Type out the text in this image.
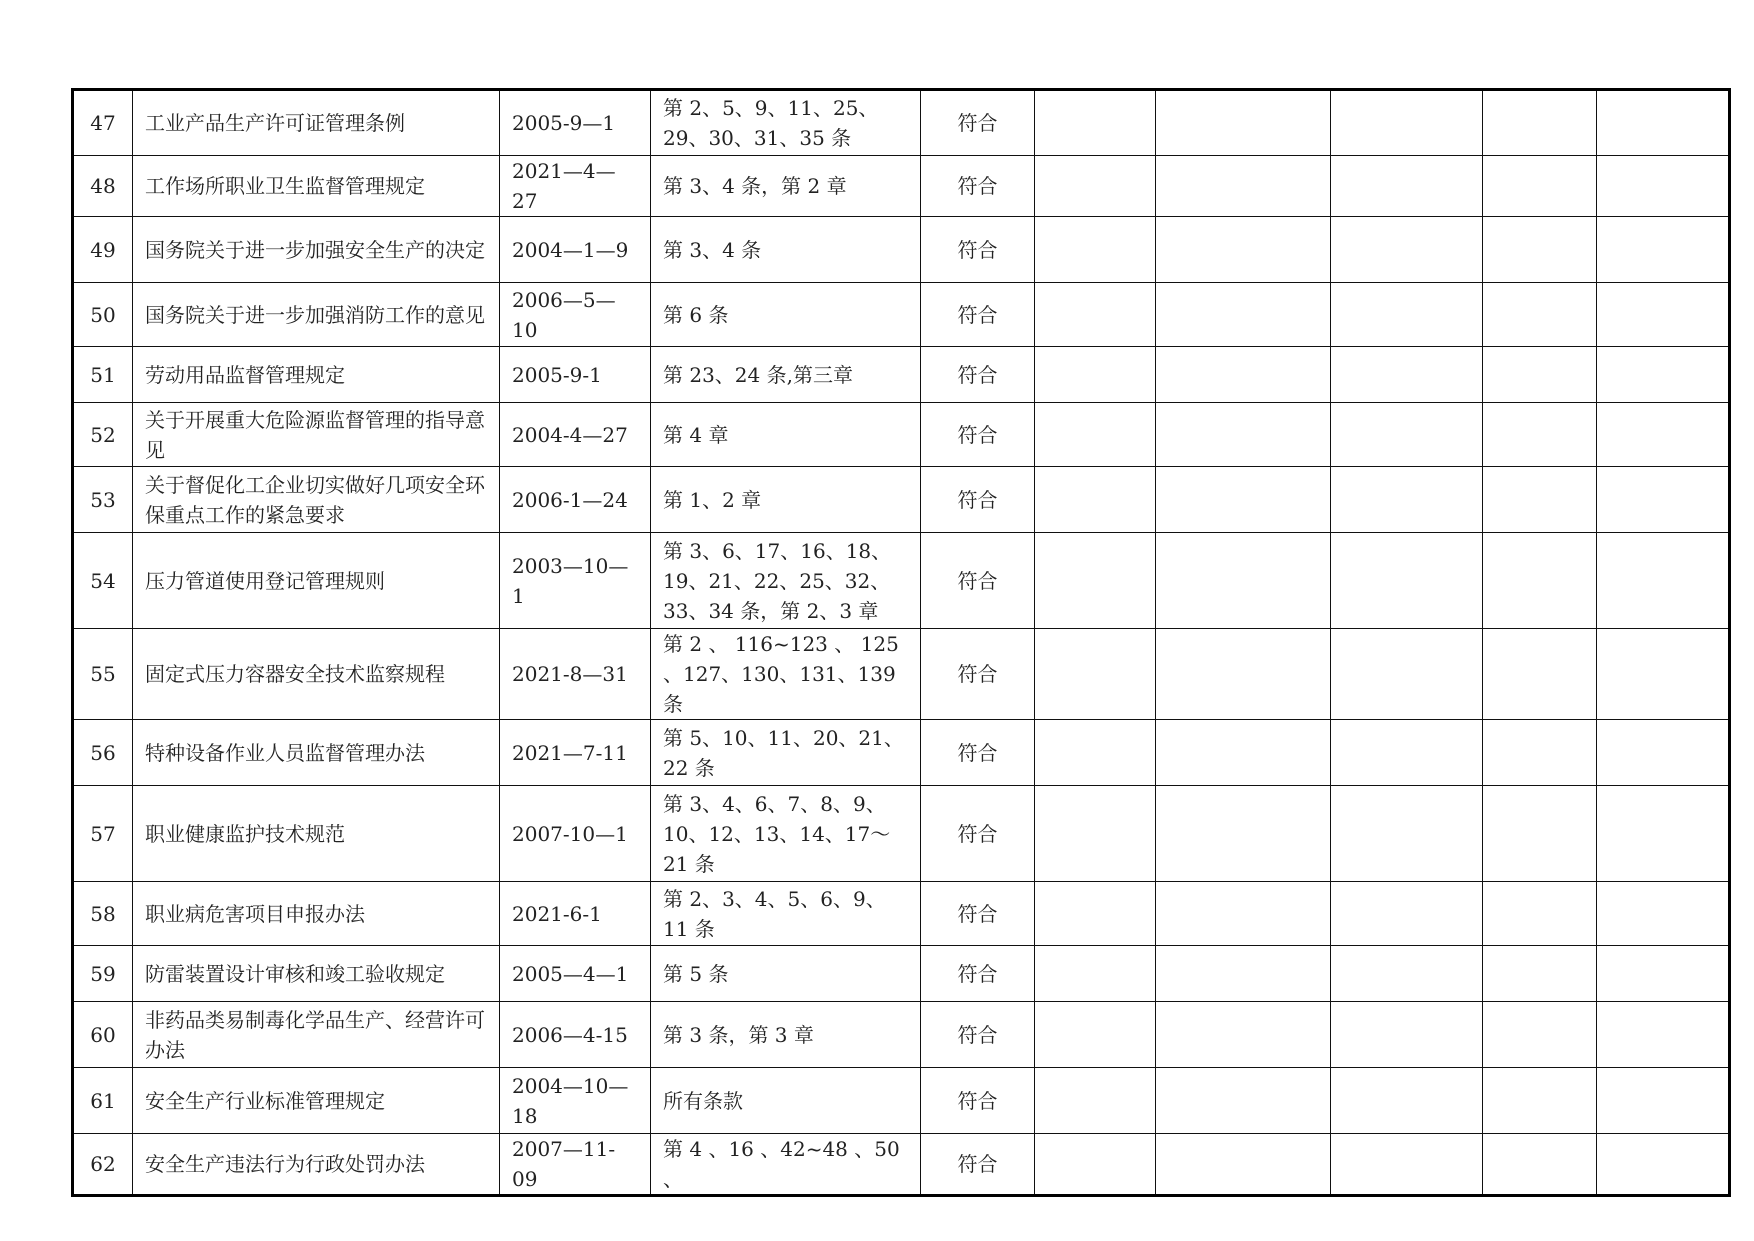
47	工业产品生产许可证管理条例	2005-9—1	第 2、5、9、11、25、29、30、31、35 条	符合					
48	工作场所职业卫生监督管理规定	2021—4—27	第 3、4 条，第 2 章	符合					
49	国务院关于进一步加强安全生产的决定	2004—1—9	第 3、4 条	符合					
50	国务院关于进一步加强消防工作的意见	2006—5—10	第 6 条	符合					
51	劳动用品监督管理规定	2005-9-1	第 23、24 条,第三章	符合					
52	关于开展重大危险源监督管理的指导意见	2004-4—27	第 4 章	符合					
53	关于督促化工企业切实做好几项安全环保重点工作的紧急要求	2006-1—24	第 1、2 章	符合					
54	压力管道使用登记管理规则	2003—10—1	第 3、6、17、16、18、19、21、22、25、32、33、34 条，第 2、3 章	符合					
55	固定式压力容器安全技术监察规程	2021-8—31	第 2 、 116~123 、 125 、127、130、131、139 条	符合					
56	特种设备作业人员监督管理办法	2021—7-11	第 5、10、11、20、21、22 条	符合					
57	职业健康监护技术规范	2007-10—1	第 3、4、6、7、8、9、10、12、13、14、17～21 条	符合					
58	职业病危害项目申报办法	2021-6-1	第 2、3、4、5、6、9、11 条	符合					
59	防雷装置设计审核和竣工验收规定	2005—4—1	第 5 条	符合					
60	非药品类易制毒化学品生产、经营许可办法	2006—4-15	第 3 条，第 3 章	符合					
61	安全生产行业标准管理规定	2004—10—18	所有条款	符合					
62	安全生产违法行为行政处罚办法	2007—11-09	第 4 、16 、42~48 、50 、	符合					
